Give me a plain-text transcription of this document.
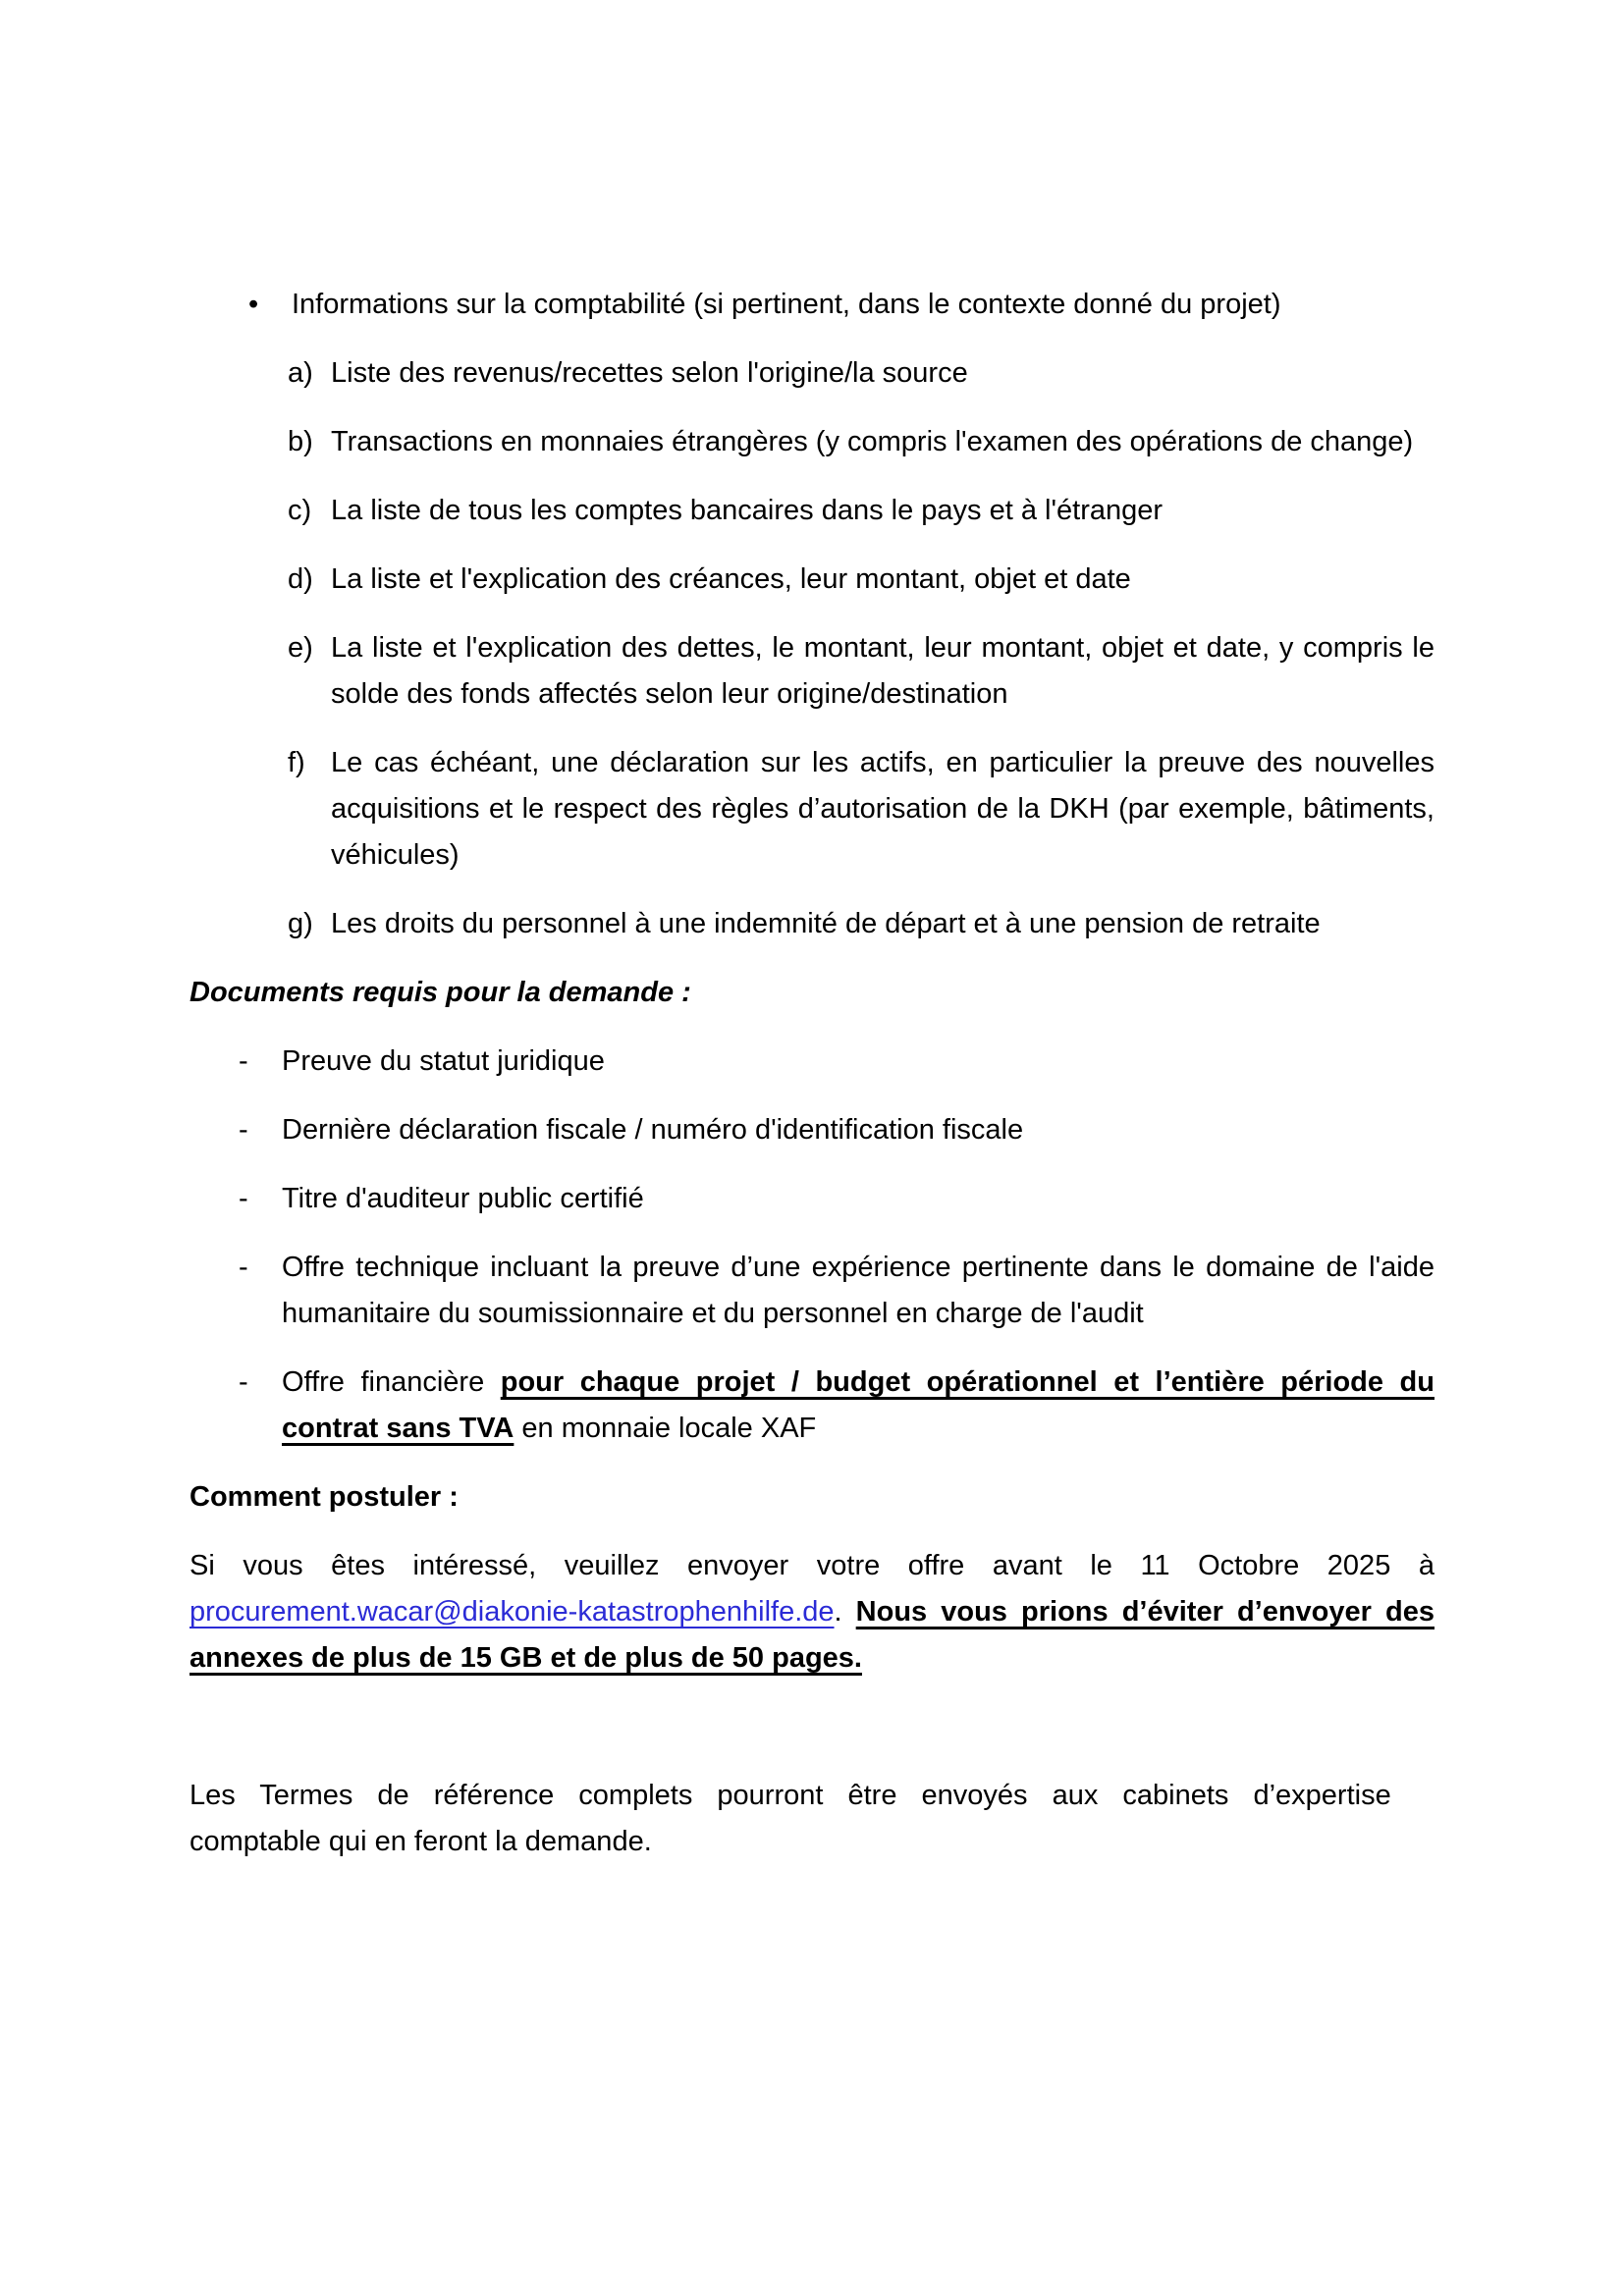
• Informations sur la comptabilité (si pertinent, dans le contexte donné du projet)
a) Liste des revenus/recettes selon l'origine/la source
b) Transactions en monnaies étrangères (y compris l'examen des opérations de change)
c) La liste de tous les comptes bancaires dans le pays et à l'étranger
d) La liste et l'explication des créances, leur montant, objet et date
e) La liste et l'explication des dettes, le montant, leur montant, objet et date, y compris le solde des fonds affectés selon leur origine/destination
f) Le cas échéant, une déclaration sur les actifs, en particulier la preuve des nouvelles acquisitions et le respect des règles d’autorisation de la DKH (par exemple, bâtiments, véhicules)
g) Les droits du personnel à une indemnité de départ et à une pension de retraite
Documents requis pour la demande :
- Preuve du statut juridique
- Dernière déclaration fiscale / numéro d'identification fiscale
- Titre d'auditeur public certifié
- Offre technique incluant la preuve d’une expérience pertinente dans le domaine de l'aide humanitaire du soumissionnaire et du personnel en charge de l'audit
- Offre financière pour chaque projet / budget opérationnel et l’entière période du contrat sans TVA en monnaie locale XAF
Comment postuler :
Si vous êtes intéressé, veuillez envoyer votre offre avant le 11 Octobre 2025 à procurement.wacar@diakonie-katastrophenhilfe.de. Nous vous prions d’éviter d’envoyer des annexes de plus de 15 GB et de plus de 50 pages.
Les Termes de référence complets pourront être envoyés aux cabinets d’expertise
comptable qui en feront la demande.
